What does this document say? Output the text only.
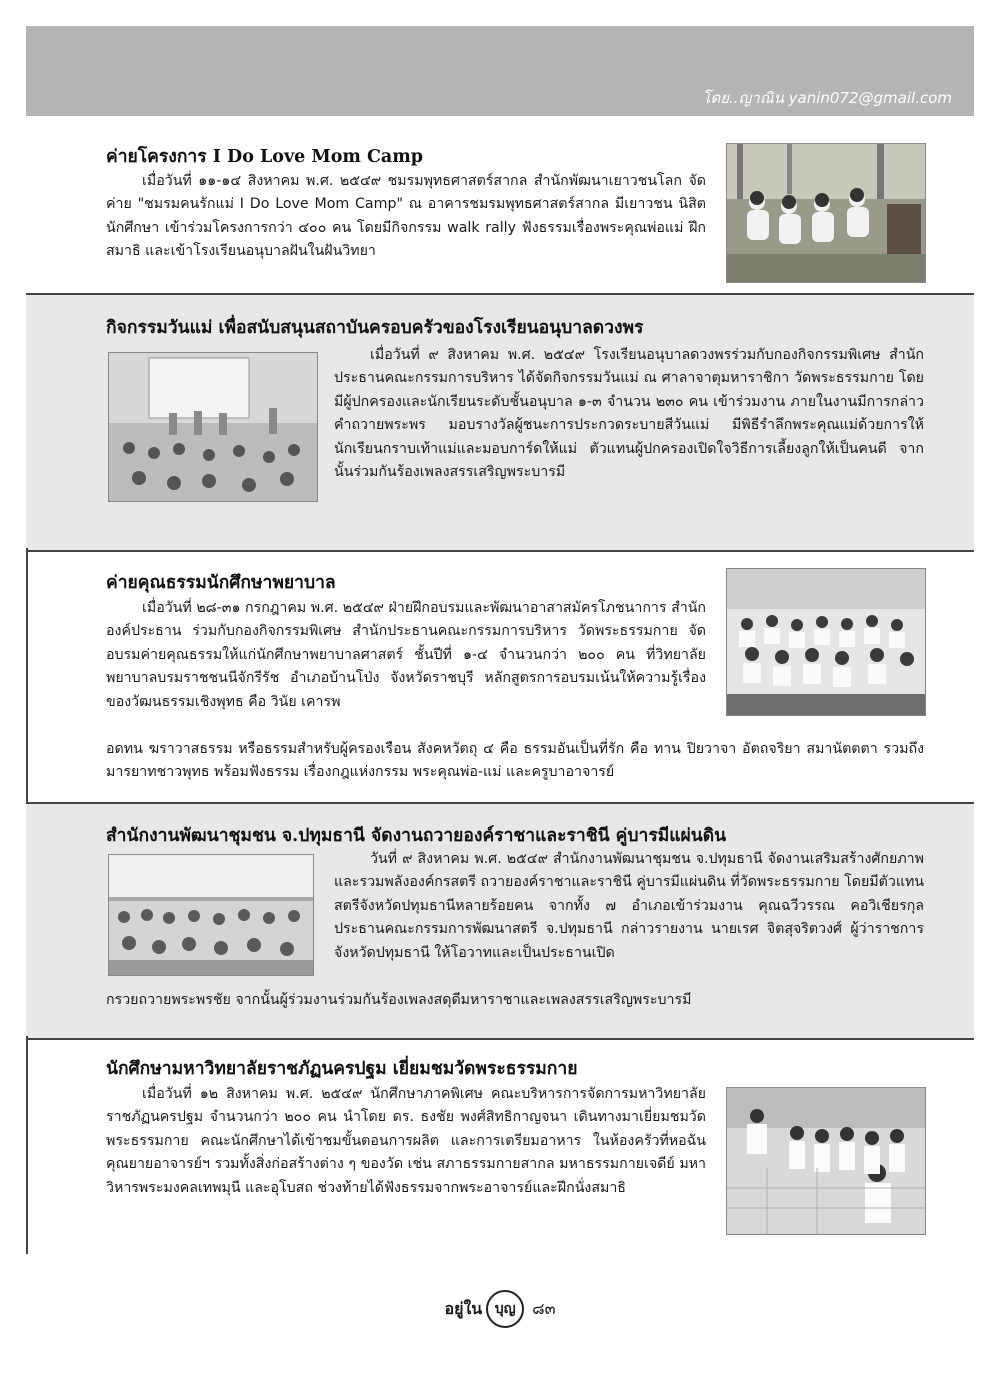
โดย..ญาณิน yanin072@gmail.com
ค่ายโครงการ I Do Love Mom Camp
เมื่อวันที่ ๑๑-๑๔ สิงหาคม พ.ศ. ๒๕๔๙ ชมรมพุทธศาสตร์สากล สำนักพัฒนาเยาวชนโลก จัดค่าย "ชมรมคนรักแม่ I Do Love Mom Camp" ณ อาคารชมรมพุทธศาสตร์สากล มีเยาวชน นิสิต นักศึกษา เข้าร่วมโครงการกว่า ๔๐๐ คน โดยมีกิจกรรม walk rally ฟังธรรมเรื่องพระคุณพ่อแม่ ฝึกสมาธิ และเข้าโรงเรียนอนุบาลฝันในฝันวิทยา
กิจกรรมวันแม่ เพื่อสนับสนุนสถาบันครอบครัวของโรงเรียนอนุบาลดวงพร
เมื่อวันที่ ๙ สิงหาคม พ.ศ. ๒๕๔๙ โรงเรียนอนุบาลดวงพรร่วมกับกองกิจกรรมพิเศษ สำนักประธานคณะกรรมการบริหาร ได้จัดกิจกรรมวันแม่ ณ ศาลาจาตุมหาราชิกา วัดพระธรรมกาย โดยมีผู้ปกครองและนักเรียนระดับชั้นอนุบาล ๑-๓ จำนวน ๒๓๐ คน เข้าร่วมงาน ภายในงานมีการกล่าวคำถวายพระพร มอบรางวัลผู้ชนะการประกวดระบายสีวันแม่ มีพิธีรำลึกพระคุณแม่ด้วยการให้นักเรียนกราบเท้าแม่และมอบการ์ดให้แม่ ตัวแทนผู้ปกครองเปิดใจวิธีการเลี้ยงลูกให้เป็นคนดี จากนั้นร่วมกันร้องเพลงสรรเสริญพระบารมี
ค่ายคุณธรรมนักศึกษาพยาบาล
เมื่อวันที่ ๒๘-๓๑ กรกฎาคม พ.ศ. ๒๕๔๙ ฝ่ายฝึกอบรมและพัฒนาอาสาสมัครโภชนาการ สำนักองค์ประธาน ร่วมกับกองกิจกรรมพิเศษ สำนักประธานคณะกรรมการบริหาร วัดพระธรรมกาย จัดอบรมค่ายคุณธรรมให้แก่นักศึกษาพยาบาลศาสตร์ ชั้นปีที่ ๑-๔ จำนวนกว่า ๒๐๐ คน ที่วิทยาลัยพยาบาลบรมราชชนนีจักรีรัช อำเภอบ้านโป่ง จังหวัดราชบุรี หลักสูตรการอบรมเน้นให้ความรู้เรื่องของวัฒนธรรมเชิงพุทธ คือ วินัย เคารพ
อดทน ฆราวาสธรรม หรือธรรมสำหรับผู้ครองเรือน สังคหวัตถุ ๔ คือ ธรรมอันเป็นที่รัก คือ ทาน ปิยวาจา อัตถจริยา สมานัตตตา รวมถึงมารยาทชาวพุทธ พร้อมฟังธรรม เรื่องกฎแห่งกรรม พระคุณพ่อ-แม่ และครูบาอาจารย์
สำนักงานพัฒนาชุมชน จ.ปทุมธานี จัดงานถวายองค์ราชาและราชินี คู่บารมีแผ่นดิน
วันที่ ๙ สิงหาคม พ.ศ. ๒๕๔๙ สำนักงานพัฒนาชุมชน จ.ปทุมธานี จัดงานเสริมสร้างศักยภาพและรวมพลังองค์กรสตรี ถวายองค์ราชาและราชินี คู่บารมีแผ่นดิน ที่วัดพระธรรมกาย โดยมีตัวแทนสตรีจังหวัดปทุมธานีหลายร้อยคน จากทั้ง ๗ อำเภอเข้าร่วมงาน คุณฉวีวรรณ คอวิเชียรกุล ประธานคณะกรรมการพัฒนาสตรี จ.ปทุมธานี กล่าวรายงาน นายเรศ จิตสุจริตวงศ์ ผู้ว่าราชการจังหวัดปทุมธานี ให้โอวาทและเป็นประธานเปิด
กรวยถวายพระพรชัย จากนั้นผู้ร่วมงานร่วมกันร้องเพลงสดุดีมหาราชาและเพลงสรรเสริญพระบารมี
นักศึกษามหาวิทยาลัยราชภัฏนครปฐม เยี่ยมชมวัดพระธรรมกาย
เมื่อวันที่ ๑๒ สิงหาคม พ.ศ. ๒๕๔๙ นักศึกษาภาคพิเศษ คณะบริหารการจัดการมหาวิทยาลัยราชภัฏนครปฐม จำนวนกว่า ๒๐๐ คน นำโดย ดร. ธงชัย พงศ์สิทธิกาญจนา เดินทางมาเยี่ยมชมวัดพระธรรมกาย คณะนักศึกษาได้เข้าชมขั้นตอนการผลิต และการเตรียมอาหาร ในห้องครัวที่หอฉันคุณยายอาจารย์ฯ รวมทั้งสิ่งก่อสร้างต่าง ๆ ของวัด เช่น สภาธรรมกายสากล มหาธรรมกายเจดีย์ มหาวิหารพระมงคลเทพมุนี และอุโบสถ ช่วงท้ายได้ฟังธรรมจากพระอาจารย์และฝึกนั่งสมาธิ
อยู่ใน บุญ ๘๓
